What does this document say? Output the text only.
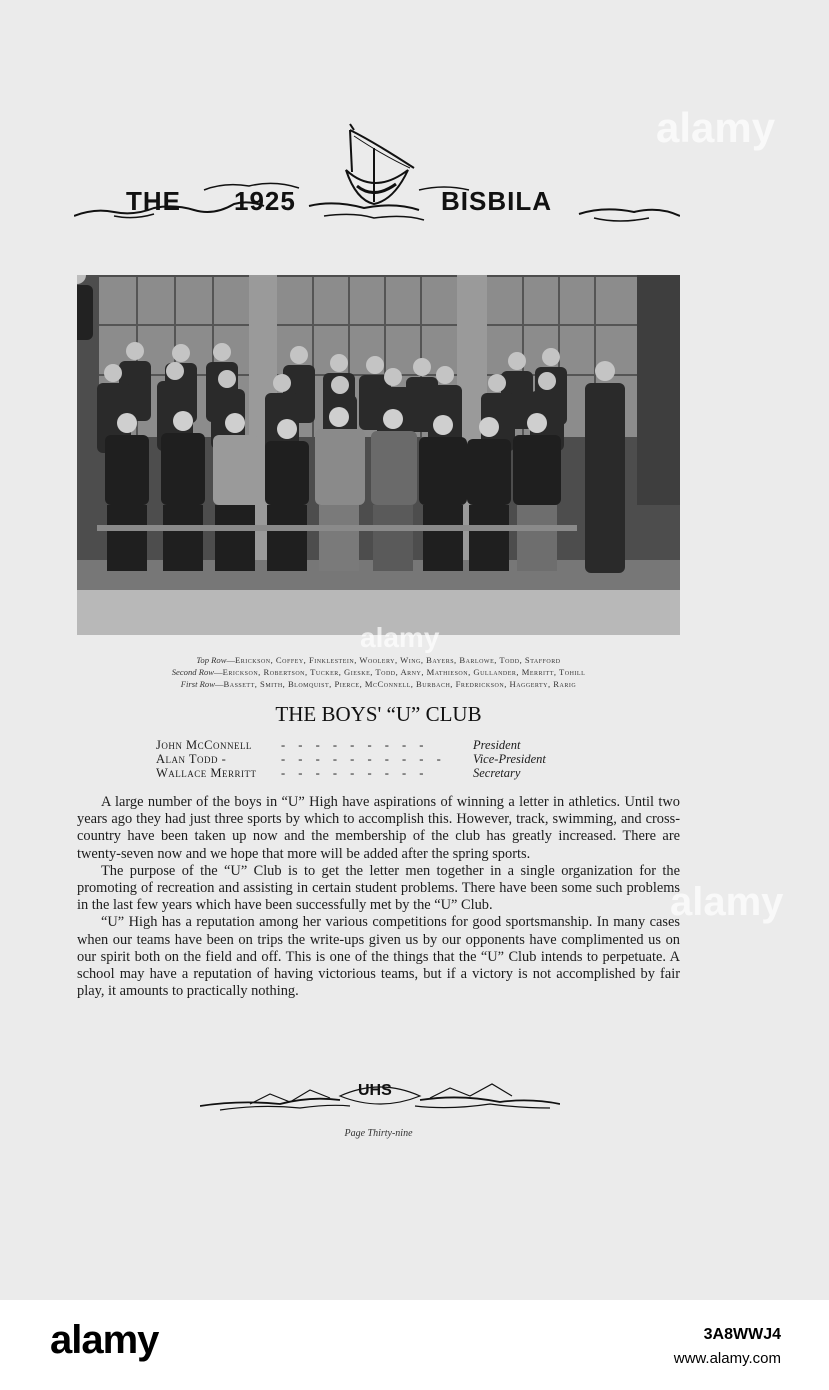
THE 1925	BISBILA
Top Row—Erickson, Coffey, Finklestein, Woolery, Wing, Bayers, Barlowe, Todd, Stafford
Second Row—Erickson, Robertson, Tucker, Gieske, Todd, Arny, Mathieson, Gullander, Merritt, Tohill
First Row—Bassett, Smith, Blomquist, Pierce, McConnell, Burbach, Fredrickson, Haggerty, Rarig
THE BOYS' “U” CLUB
John McConnell - - - - - - - - -	President
Alan Todd -	- - - - - - - - - - Vice-President
Wallace Merritt - - - - - - - - -	Secretary

A large number of the boys in “U” High have aspirations of winning a letter in athletics. Until two years ago they had just three sports by which to accomplish this. However, track, swimming, and cross-country have been taken up now and the membership of the club has greatly increased. There are twenty-seven now and we hope that more will be added after the spring sports.

The purpose of the “U” Club is to get the letter men together in a single organization for the promoting of recreation and assisting in certain student problems. There have been some such problems in the last few years which have been successfully met by the “U” Club.

“U” High has a reputation among her various competitions for good sportsmanship. In many cases when our teams have been on trips the write-ups given us by our opponents have complimented us on our spirit both on the field and off. This is one of the things that the “U” Club intends to perpetuate. A school may have a reputation of having victorious teams, but if a victory is not accomplished by fair play, it amounts to practically nothing.

UHS
Page Thirty-nine
alamy
alamy
alamy
alamy	3A8WWJ4
www.alamy.com
